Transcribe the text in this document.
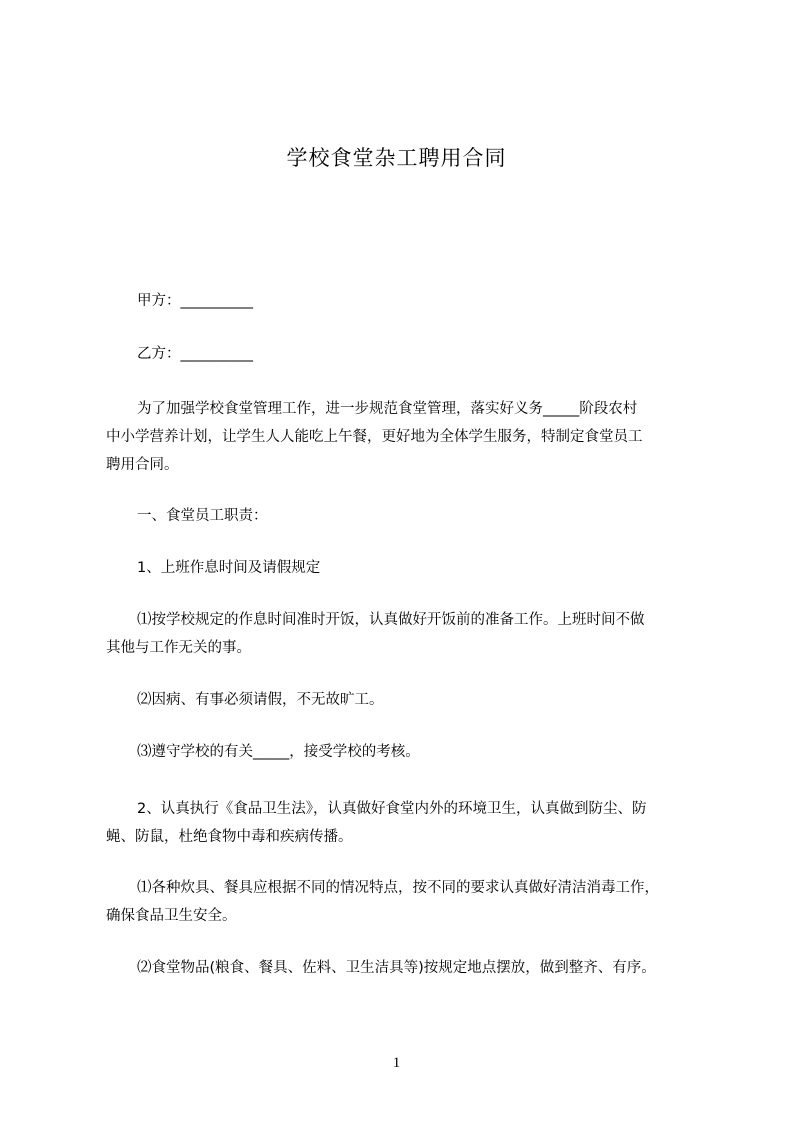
学校食堂杂工聘用合同
甲方：__________
乙方：__________
为了加强学校食堂管理工作，进一步规范食堂管理，落实好义务_____阶段农村
中小学营养计划，让学生人人能吃上午餐，更好地为全体学生服务，特制定食堂员工
聘用合同。
一、食堂员工职责：
1、上班作息时间及请假规定
⑴按学校规定的作息时间准时开饭，认真做好开饭前的准备工作。上班时间不做
其他与工作无关的事。
⑵因病、有事必须请假，不无故旷工。
⑶遵守学校的有关_____，接受学校的考核。
2、认真执行《食品卫生法》，认真做好食堂内外的环境卫生，认真做到防尘、防
蝇、防鼠，杜绝食物中毒和疾病传播。
⑴各种炊具、餐具应根据不同的情况特点，按不同的要求认真做好清洁消毒工作，
确保食品卫生安全。
⑵食堂物品(粮食、餐具、佐料、卫生洁具等)按规定地点摆放，做到整齐、有序。
1
